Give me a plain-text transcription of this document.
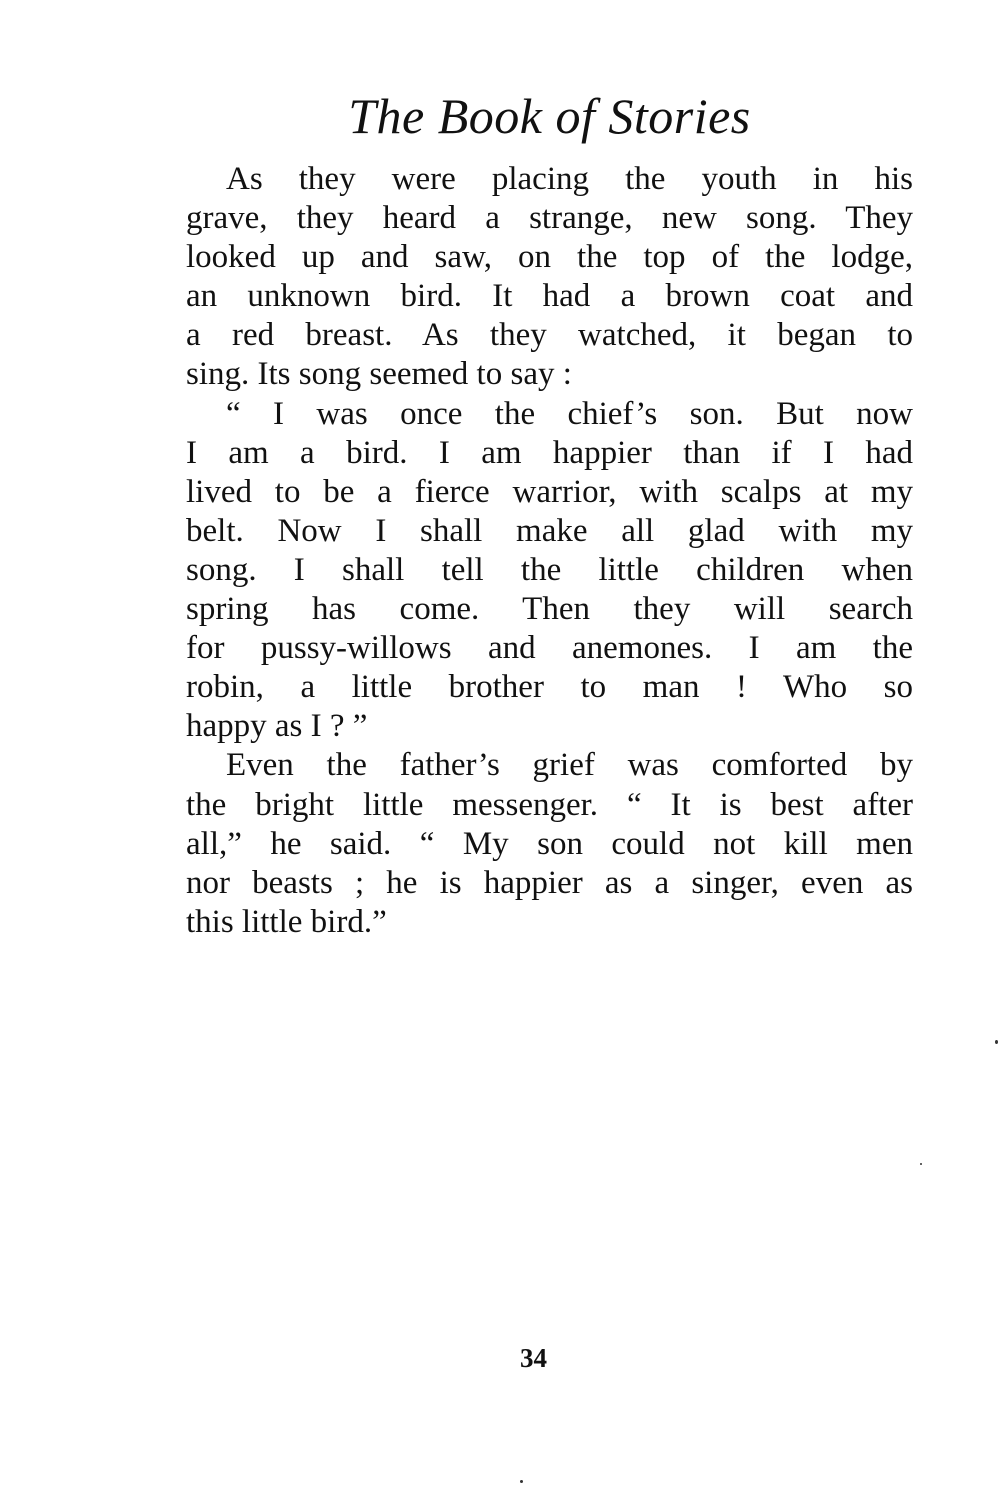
The Book of Stories
As they were placing the youth in his
grave, they heard a strange, new song. They
looked up and saw, on the top of the lodge,
an unknown bird. It had a brown coat and
a red breast. As they watched, it began to
sing. Its song seemed to say :
“ I was once the chief’s son. But now
I am a bird. I am happier than if I had
lived to be a fierce warrior, with scalps at my
belt. Now I shall make all glad with my
song. I shall tell the little children when
spring has come. Then they will search
for pussy-willows and anemones. I am the
robin, a little brother to man ! Who so
happy as I ? ”
Even the father’s grief was comforted by
the bright little messenger. “ It is best after
all,” he said. “ My son could not kill men
nor beasts ; he is happier as a singer, even as
this little bird.”
34
